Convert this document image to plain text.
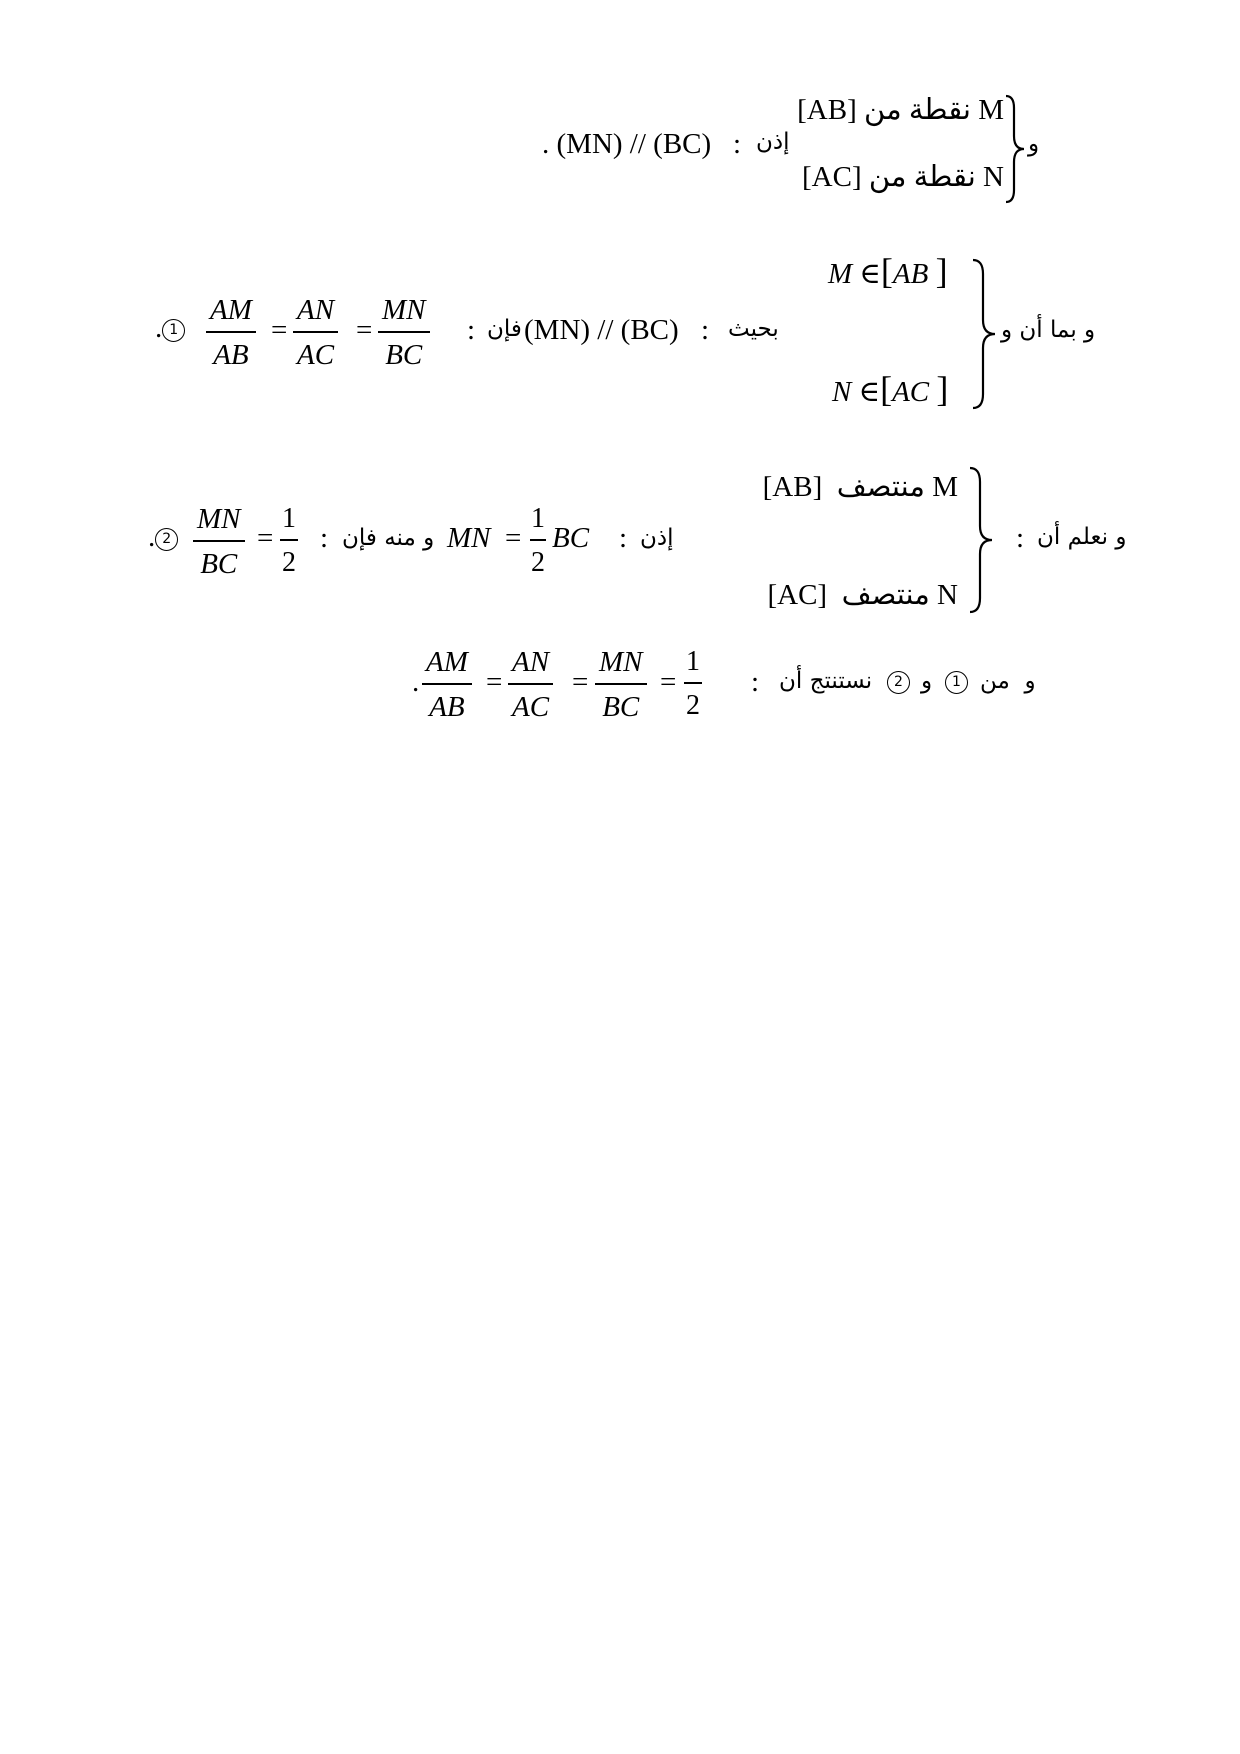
M نقطة من [AB]
N نقطة من [AC]
و
إذن
:
. (MN) // (BC)
و بما أن و
M ∈[AB ]
N ∈[AC ]
بحيث
:
(MN) // (BC)
فإن
:
$\frac{AM}{AB} = \frac{AN}{AC} = \frac{MN}{BC}$
. 1
و نعلم أن
:
M منتصف  [AB]
N منتصف  [AC]
إذن
:
MN = $\frac{1}{2}$ BC
و منه فإن
:
$\frac{MN}{BC} = \frac{1}{2}$
. 2
و  من
1
و
2
نستنتج أن
:
$\frac{AM}{AB} = \frac{AN}{AC} = \frac{MN}{BC} = \frac{1}{2}$
.
